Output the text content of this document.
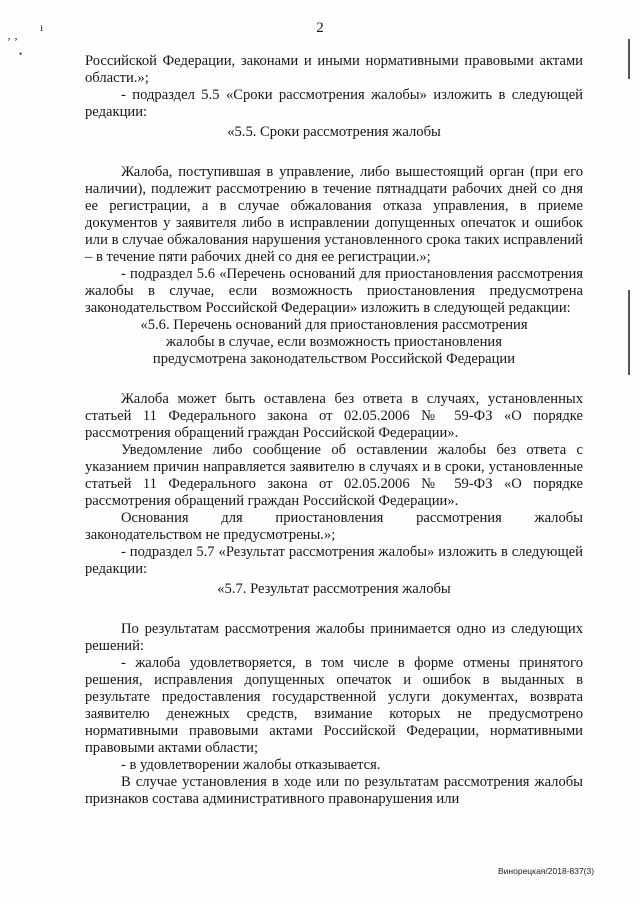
2
‚ ‚
ı
•	Российской Федерации, законами и иными нормативными правовыми актами области.»;

- подраздел 5.5 «Сроки рассмотрения жалобы» изложить в следующей редакции:

«5.5. Сроки рассмотрения жалобы

Жалоба, поступившая в управление, либо вышестоящий орган (при его наличии), подлежит рассмотрению в течение пятнадцати рабочих дней со дня ее регистрации, а в случае обжалования отказа управления, в приеме документов у заявителя либо в исправлении допущенных опечаток и ошибок или в случае обжалования нарушения установленного срока таких исправлений – в течение пяти рабочих дней со дня ее регистрации.»;

- подраздел 5.6 «Перечень оснований для приостановления рассмотрения жалобы в случае, если возможность приостановления предусмотрена законодательством Российской Федерации» изложить в следующей редакции:

«5.6. Перечень оснований для приостановления рассмотрения

жалобы в случае, если возможность приостановления

предусмотрена законодательством Российской Федерации

Жалоба может быть оставлена без ответа в случаях, установленных статьей 11 Федерального закона от 02.05.2006 № 59-ФЗ «О порядке рассмотрения обращений граждан Российской Федерации».

Уведомление либо сообщение об оставлении жалобы без ответа с указанием причин направляется заявителю в случаях и в сроки, установленные статьей 11 Федерального закона от 02.05.2006 № 59-ФЗ «О порядке рассмотрения обращений граждан Российской Федерации».

Основания для приостановления рассмотрения жалобы законодательством не предусмотрены.»;

- подраздел 5.7 «Результат рассмотрения жалобы» изложить в следующей редакции:

«5.7. Результат рассмотрения жалобы

По результатам рассмотрения жалобы принимается одно из следующих решений:

- жалоба удовлетворяется, в том числе в форме отмены принятого решения, исправления допущенных опечаток и ошибок в выданных в результате предоставления государственной услуги документах, возврата заявителю денежных средств, взимание которых не предусмотрено нормативными правовыми актами Российской Федерации, нормативными правовыми актами области;

- в удовлетворении жалобы отказывается.

В случае установления в ходе или по результатам рассмотрения жалобы признаков состава административного правонарушения или

Винорецкая/2018-837(3)
